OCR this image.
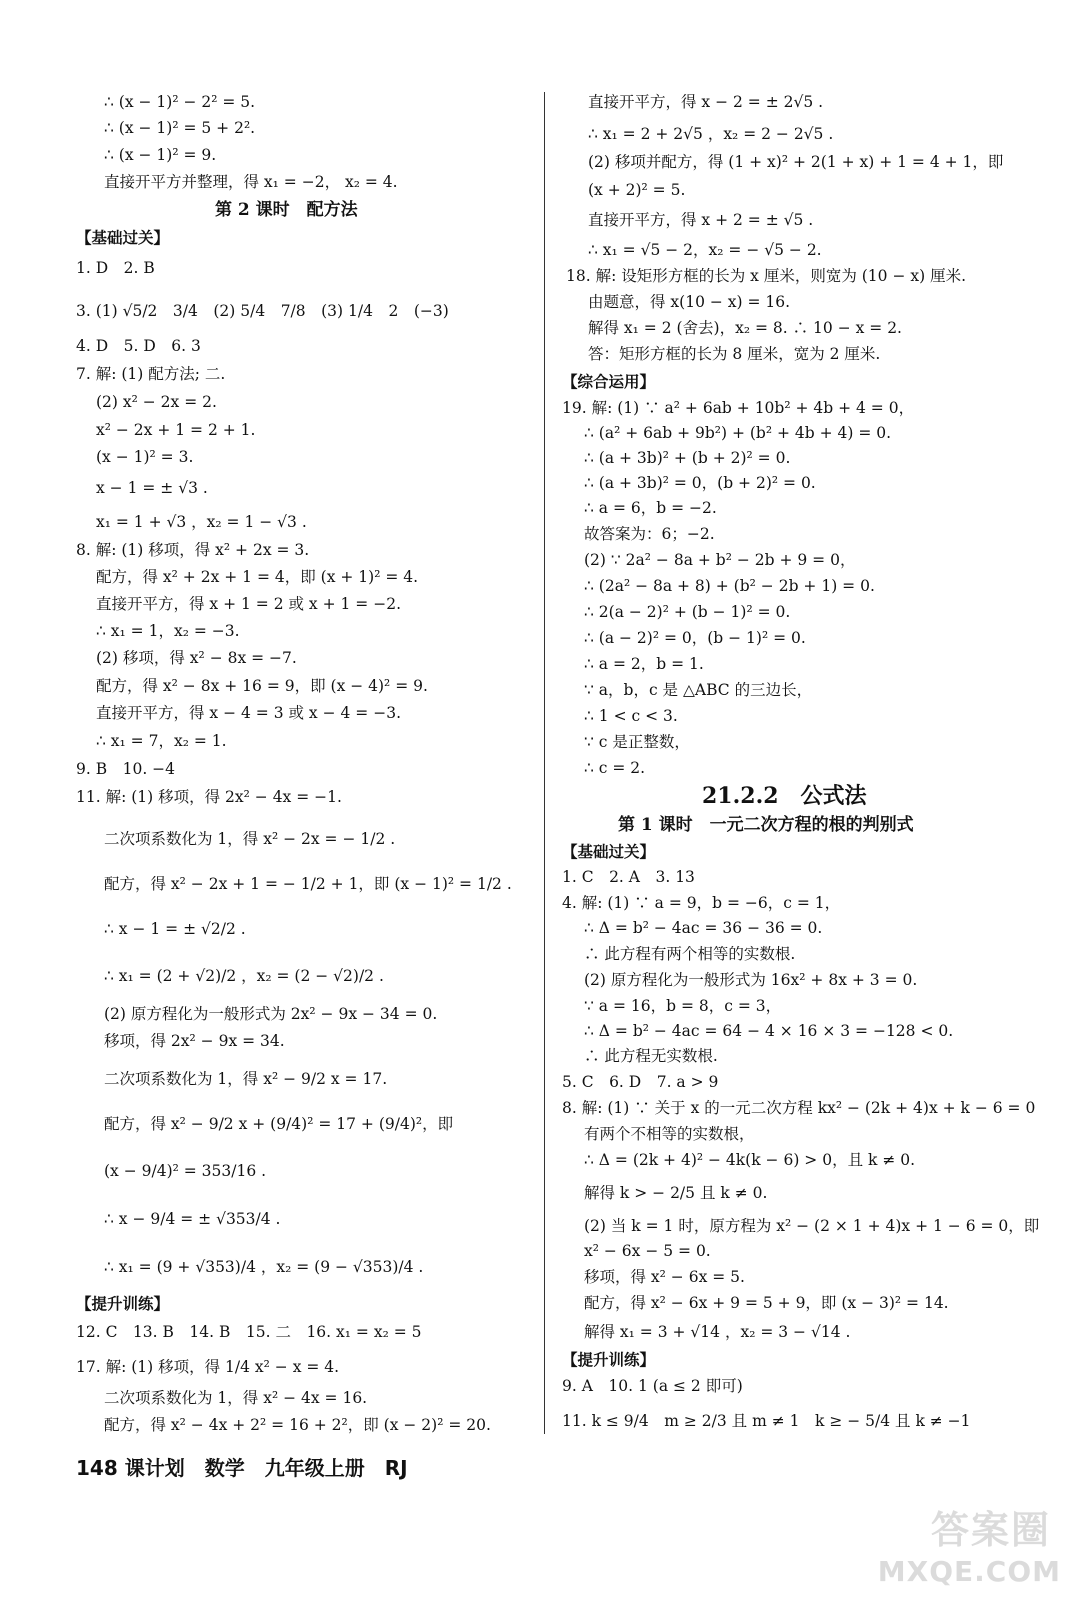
∴ (x − 1)² − 2² = 5.
∴ (x − 1)² = 5 + 2².
∴ (x − 1)² = 9.
直接开平方并整理，得 x₁ = −2， x₂ = 4.
第 2 课时　配方法
【基础过关】
1. D　2. B
3. (1) √5/2　3/4　(2) 5/4　7/8　(3) 1/4　2　(−3)
4. D　5. D　6. 3
7. 解: (1) 配方法; 二.
(2) x² − 2x = 2.
x² − 2x + 1 = 2 + 1.
(x − 1)² = 3.
x − 1 = ± √3 .
x₁ = 1 + √3 ，x₂ = 1 − √3 .
8. 解: (1) 移项，得 x² + 2x = 3.
配方，得 x² + 2x + 1 = 4，即 (x + 1)² = 4.
直接开平方，得 x + 1 = 2 或 x + 1 = −2.
∴ x₁ = 1，x₂ = −3.
(2) 移项，得 x² − 8x = −7.
配方，得 x² − 8x + 16 = 9，即 (x − 4)² = 9.
直接开平方，得 x − 4 = 3 或 x − 4 = −3.
∴ x₁ = 7，x₂ = 1.
9. B　10. −4
11. 解: (1) 移项，得 2x² − 4x = −1.
二次项系数化为 1，得 x² − 2x = − 1/2 .
配方，得 x² − 2x + 1 = − 1/2 + 1，即 (x − 1)² = 1/2 .
∴ x − 1 = ± √2/2 .
∴ x₁ = (2 + √2)/2 ，x₂ = (2 − √2)/2 .
(2) 原方程化为一般形式为 2x² − 9x − 34 = 0.
移项，得 2x² − 9x = 34.
二次项系数化为 1，得 x² − 9/2 x = 17.
配方，得 x² − 9/2 x + (9/4)² = 17 + (9/4)²，即
(x − 9/4)² = 353/16 .
∴ x − 9/4 = ± √353/4 .
∴ x₁ = (9 + √353)/4 ，x₂ = (9 − √353)/4 .
【提升训练】
12. C　13. B　14. B　15. 二　16. x₁ = x₂ = 5
17. 解: (1) 移项，得 1/4 x² − x = 4.
二次项系数化为 1，得 x² − 4x = 16.
配方，得 x² − 4x + 2² = 16 + 2²，即 (x − 2)² = 20.
直接开平方，得 x − 2 = ± 2√5 .
∴ x₁ = 2 + 2√5 ，x₂ = 2 − 2√5 .
(2) 移项并配方，得 (1 + x)² + 2(1 + x) + 1 = 4 + 1，即
(x + 2)² = 5.
直接开平方，得 x + 2 = ± √5 .
∴ x₁ = √5 − 2，x₂ = − √5 − 2.
18. 解: 设矩形方框的长为 x 厘米，则宽为 (10 − x) 厘米.
由题意，得 x(10 − x) = 16.
解得 x₁ = 2 (舍去)，x₂ = 8. ∴ 10 − x = 2.
答：矩形方框的长为 8 厘米，宽为 2 厘米.
【综合运用】
19. 解: (1) ∵ a² + 6ab + 10b² + 4b + 4 = 0，
∴ (a² + 6ab + 9b²) + (b² + 4b + 4) = 0.
∴ (a + 3b)² + (b + 2)² = 0.
∴ (a + 3b)² = 0，(b + 2)² = 0.
∴ a = 6，b = −2.
故答案为：6；−2.
(2) ∵ 2a² − 8a + b² − 2b + 9 = 0，
∴ (2a² − 8a + 8) + (b² − 2b + 1) = 0.
∴ 2(a − 2)² + (b − 1)² = 0.
∴ (a − 2)² = 0，(b − 1)² = 0.
∴ a = 2，b = 1.
∵ a，b，c 是 △ABC 的三边长，
∴ 1 < c < 3.
∵ c 是正整数，
∴ c = 2.
21.2.2　公式法
第 1 课时　一元二次方程的根的判别式
【基础过关】
1. C　2. A　3. 13
4. 解: (1) ∵ a = 9，b = −6，c = 1，
∴ Δ = b² − 4ac = 36 − 36 = 0.
∴ 此方程有两个相等的实数根.
(2) 原方程化为一般形式为 16x² + 8x + 3 = 0.
∵ a = 16，b = 8，c = 3，
∴ Δ = b² − 4ac = 64 − 4 × 16 × 3 = −128 < 0.
∴ 此方程无实数根.
5. C　6. D　7. a > 9
8. 解: (1) ∵ 关于 x 的一元二次方程 kx² − (2k + 4)x + k − 6 = 0
有两个不相等的实数根，
∴ Δ = (2k + 4)² − 4k(k − 6) > 0，且 k ≠ 0.
解得 k > − 2/5 且 k ≠ 0.
(2) 当 k = 1 时，原方程为 x² − (2 × 1 + 4)x + 1 − 6 = 0，即
x² − 6x − 5 = 0.
移项，得 x² − 6x = 5.
配方，得 x² − 6x + 9 = 5 + 9，即 (x − 3)² = 14.
解得 x₁ = 3 + √14 ，x₂ = 3 − √14 .
【提升训练】
9. A　10. 1 (a ≤ 2 即可)
11. k ≤ 9/4　m ≥ 2/3 且 m ≠ 1　k ≥ − 5/4 且 k ≠ −1
148 课计划　数学　九年级上册　RJ
答案圈
MXQE.COM
